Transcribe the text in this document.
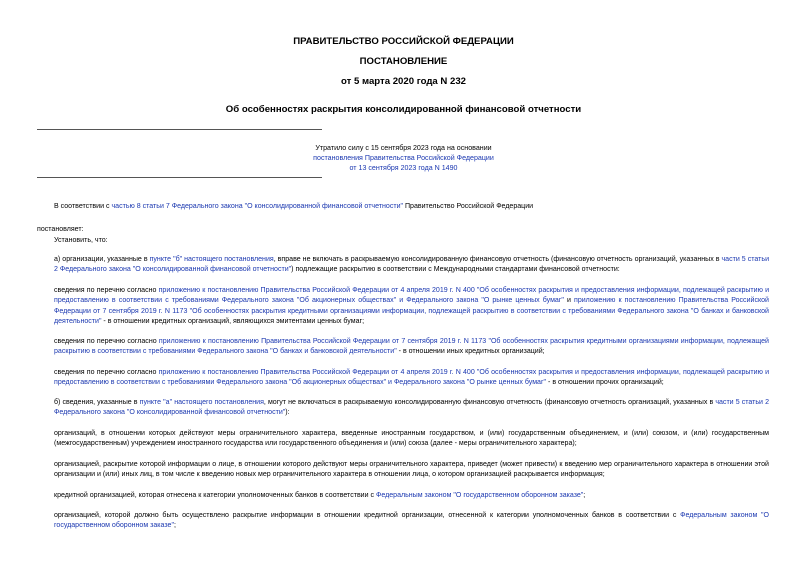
ПРАВИТЕЛЬСТВО РОССИЙСКОЙ ФЕДЕРАЦИИ
ПОСТАНОВЛЕНИЕ
от 5 марта 2020 года N 232
Об особенностях раскрытия консолидированной финансовой отчетности
Утратило силу с 15 сентября 2023 года на основании
постановления Правительства Российской Федерации
от 13 сентября 2023 года N 1490
В соответствии с частью 8 статьи 7 Федерального закона "О консолидированной финансовой отчетности" Правительство Российской Федерации
постановляет:
Установить, что:
а) организации, указанные в пункте "б" настоящего постановления, вправе не включать в раскрываемую консолидированную финансовую отчетность (финансовую отчетность организаций, указанных в части 5 статьи 2 Федерального закона "О консолидированной финансовой отчетности") подлежащие раскрытию в соответствии с Международными стандартами финансовой отчетности:
сведения по перечню согласно приложению к постановлению Правительства Российской Федерации от 4 апреля 2019 г. N 400 "Об особенностях раскрытия и предоставления информации, подлежащей раскрытию и предоставлению в соответствии с требованиями Федерального закона "Об акционерных обществах" и Федерального закона "О рынке ценных бумаг" и приложению к постановлению Правительства Российской Федерации от 7 сентября 2019 г. N 1173 "Об особенностях раскрытия кредитными организациями информации, подлежащей раскрытию в соответствии с требованиями Федерального закона "О банках и банковской деятельности" - в отношении кредитных организаций, являющихся эмитентами ценных бумаг;
сведения по перечню согласно приложению к постановлению Правительства Российской Федерации от 7 сентября 2019 г. N 1173 "Об особенностях раскрытия кредитными организациями информации, подлежащей раскрытию в соответствии с требованиями Федерального закона "О банках и банковской деятельности" - в отношении иных кредитных организаций;
сведения по перечню согласно приложению к постановлению Правительства Российской Федерации от 4 апреля 2019 г. N 400 "Об особенностях раскрытия и предоставления информации, подлежащей раскрытию и предоставлению в соответствии с требованиями Федерального закона "Об акционерных обществах" и Федерального закона "О рынке ценных бумаг" - в отношении прочих организаций;
б) сведения, указанные в пункте "а" настоящего постановления, могут не включаться в раскрываемую консолидированную финансовую отчетность (финансовую отчетность организаций, указанных в части 5 статьи 2 Федерального закона "О консолидированной финансовой отчетности"):
организаций, в отношении которых действуют меры ограничительного характера, введенные иностранным государством, и (или) государственным объединением, и (или) союзом, и (или) государственным (межгосударственным) учреждением иностранного государства или государственного объединения и (или) союза (далее - меры ограничительного характера);
организацией, раскрытие которой информации о лице, в отношении которого действуют меры ограничительного характера, приведет (может привести) к введению мер ограничительного характера в отношении этой организации и (или) иных лиц, в том числе к введению новых мер ограничительного характера в отношении лица, о котором организацией раскрывается информация;
кредитной организацией, которая отнесена к категории уполномоченных банков в соответствии с Федеральным законом "О государственном оборонном заказе";
организацией, которой должно быть осуществлено раскрытие информации в отношении кредитной организации, отнесенной к категории уполномоченных банков в соответствии с Федеральным законом "О государственном оборонном заказе";
